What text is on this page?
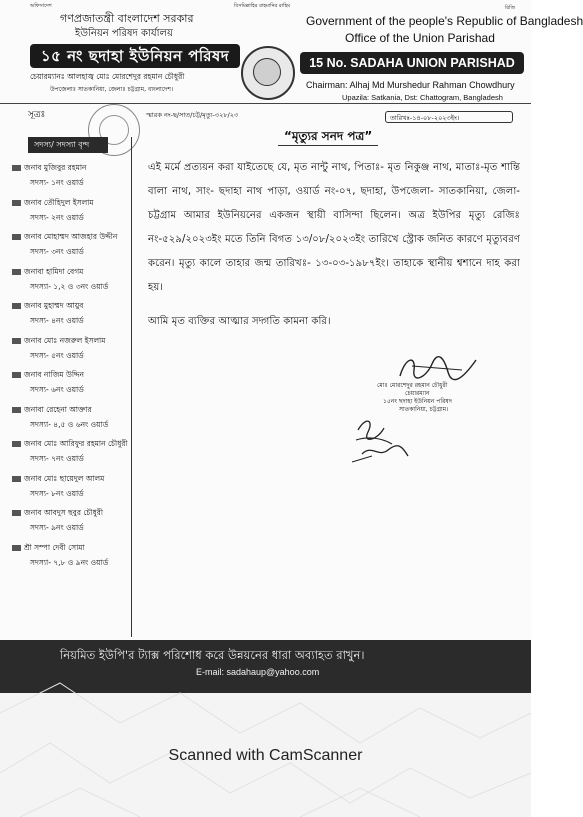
অফিসাদেশ	বিসমিল্লাহির রাহমানির রাহিম	রিজি
গণপ্রজাতন্ত্রী বাংলাদেশ সরকার
ইউনিয়ন পরিষদ কার্যালয়
১৫ নং ছদাহা ইউনিয়ন পরিষদ
চেয়ারম্যানঃ আলহাজ্ব মোঃ মোরশেদুর রহমান চৌধুরী
উপজেলাঃ সাতকানিয়া, জেলাঃ চট্টগ্রাম, বাংলাদেশ।
Government of the people's Republic of Bangladesh
Office of the Union Parishad
15 No. SADAHA UNION PARISHAD
Chairman: Alhaj Md Murshedur Rahman Chowdhury
Upazila: Satkania, Dst: Chattogram, Bangladesh
সূত্রঃ	স্মারক নং-ছ/সাত/চট্ট/মৃত্যু-৩২৮/২৩	তারিখঃ-১৪-০৮-২০২৩ইং।
সদস্য/ সদস্যা বৃন্দ
জনাব মুজিবুর রহমান
সদস্য- ১নং ওয়ার্ড
জনাব তৌহিদুল ইসলাম
সদস্য- ২নং ওয়ার্ড
জনাব মোহাম্মদ আজহার উদ্দীন
সদস্য- ৩নং ওয়ার্ড
জনাবা হামিদা বেগম
সদস্যা- ১,২ ও ৩নং ওয়ার্ড
জনাব মুহাম্মদ আয়ুব
সদস্য- ৪নং ওয়ার্ড
জনাব মোঃ নজরুল ইসলাম
সদস্য- ৫নং ওয়ার্ড
জনাব নাজিম উদ্দিন
সদস্য- ৬নং ওয়ার্ড
জনাবা রেহেনা আক্তার
সদস্যা- ৪,৫ ও ৬নং ওয়ার্ড
জনাব মোঃ আরিফুর রহমান চৌধুরী
সদস্য- ৭নং ওয়ার্ড
জনাব মোঃ ছায়েদুল আলম
সদস্য- ৮নং ওয়ার্ড
জনাব আবদুস ছবুর চৌধুরী
সদস্য- ৯নং ওয়ার্ড
শ্রী সম্পা দেবী সোমা
সদস্যা- ৭,৮ ও ৯নং ওয়ার্ড
“মৃত্যুর সনদ পত্র”

এই মর্মে প্রত্যয়ন করা যাইতেছে যে, মৃত নান্টু নাথ, পিতাঃ- মৃত নিকুঞ্জ নাথ, মাতাঃ-মৃত শান্তি বালা নাথ, সাং- ছদাহা নাথ পাড়া, ওয়ার্ড নং-০৭, ছদাহা, উপজেলা- সাতকানিয়া, জেলা- চট্টগ্রাম আমার ইউনিয়নের একজন স্থায়ী বাসিন্দা ছিলেন। অত্র ইউপির মৃত্যু রেজিঃ নং-৫২৯/২০২৩ইং মতে তিনি বিগত ১৩/০৮/২০২৩ইং তারিখে স্ট্রোক জনিত কারণে মৃত্যুবরণ করেন। মৃত্যু কালে তাহার জন্ম তারিখঃ- ১৩-০৩-১৯৮৭ইং। তাহাকে স্থানীয় শ্বশানে দাহ করা হয়।

আমি মৃত ব্যক্তির আত্মার সদ্গতি কামনা করি।
মোঃ মোরশেদুর রহমান চৌধুরী
চেয়ারম্যান
১৫নং ছদাহা ইউনিয়ন পরিষদ
সাতকানিয়া, চট্টগ্রাম।
নিয়মিত ইউপি'র ট্যাক্স পরিশোধ করে উন্নয়নের ধারা অব্যাহত রাখুন।
E-mail: sadahaup@yahoo.com
Scanned with CamScanner
